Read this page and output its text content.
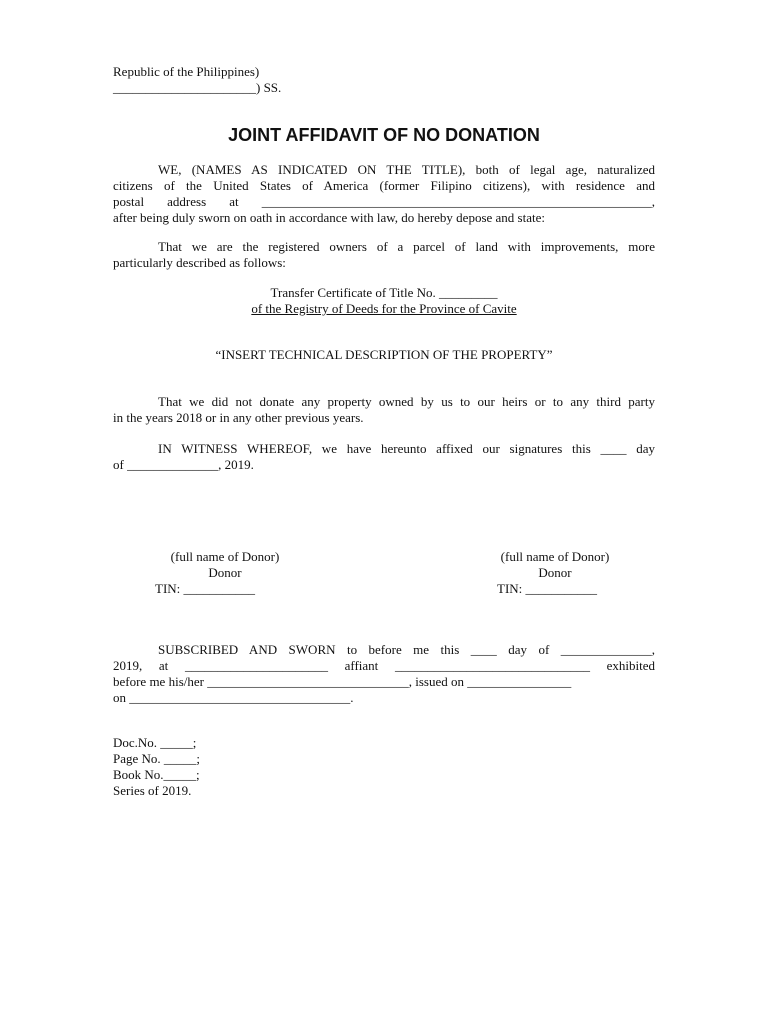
Republic of the Philippines)
______________________) SS.
JOINT AFFIDAVIT OF NO DONATION
WE, (NAMES AS INDICATED ON THE TITLE), both of legal age, naturalized
citizens of the United States of America (former Filipino citizens), with residence and
postal address at ____________________________________________________________,
after being duly sworn on oath in accordance with law, do hereby depose and state:
That we are the registered owners of a parcel of land with improvements, more
particularly described as follows:
Transfer Certificate of Title No. _________
of the Registry of Deeds for the Province of Cavite
“INSERT TECHNICAL DESCRIPTION OF THE PROPERTY”
That we did not donate any property owned by us to our heirs or to any third party
in the years 2018 or in any other previous years.
IN WITNESS WHEREOF, we have hereunto affixed our signatures this ____ day
of ______________, 2019.
(full name of Donor)
Donor
TIN: ___________
(full name of Donor)
Donor
TIN: ___________
SUBSCRIBED AND SWORN to before me this ____ day of ______________,
2019, at ______________________ affiant ______________________________ exhibited
before me his/her _______________________________, issued on ________________
on __________________________________.
Doc.No. _____;
Page No. _____;
Book No._____;
Series of 2019.
